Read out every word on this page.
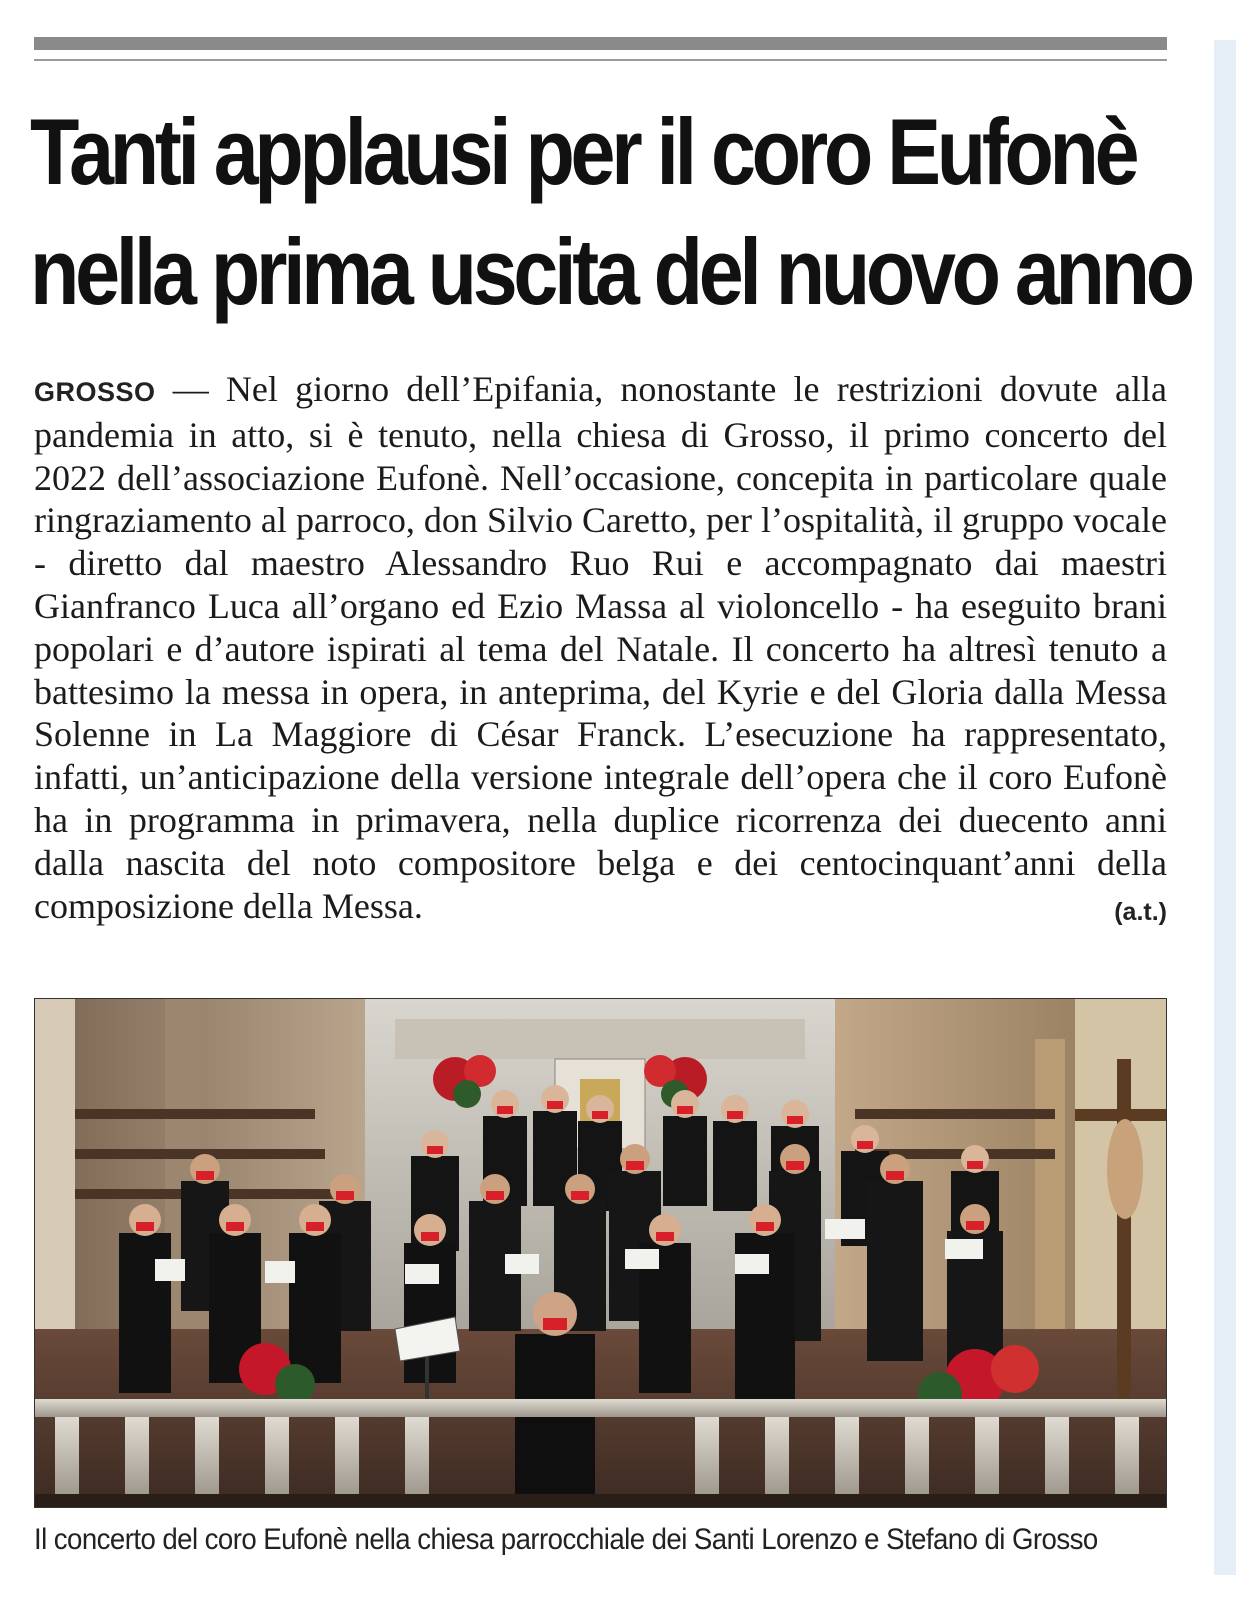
Tanti applausi per il coro Eufonè
nella prima uscita del nuovo anno

GROSSO — Nel giorno dell’Epifania, nonostante le restrizioni dovute alla pandemia in atto, si è tenuto, nella chiesa di Grosso, il primo concerto del 2022 dell’associazione Eufonè. Nell’occasione, concepita in particolare quale ringraziamento al parroco, don Silvio Caretto, per l’ospitalità, il gruppo vocale - diretto dal maestro Alessandro Ruo Rui e accompagnato dai maestri Gianfranco Luca all’organo ed Ezio Massa al violoncello - ha eseguito brani popolari e d’autore ispirati al tema del Natale. Il concerto ha altresì tenuto a battesimo la messa in opera, in anteprima, del Kyrie e del Gloria dalla Messa Solenne in La Maggiore di César Franck. L’esecuzione ha rappresentato, infatti, un’anticipazione della versione integrale dell’opera che il coro Eufonè ha in programma in primavera, nella duplice ricorrenza dei duecento anni dalla nascita del noto compositore belga e dei centocinquant’anni della composizione della Messa.	(a.t.)

Il concerto del coro Eufonè nella chiesa parrocchiale dei Santi Lorenzo e Stefano di Grosso
